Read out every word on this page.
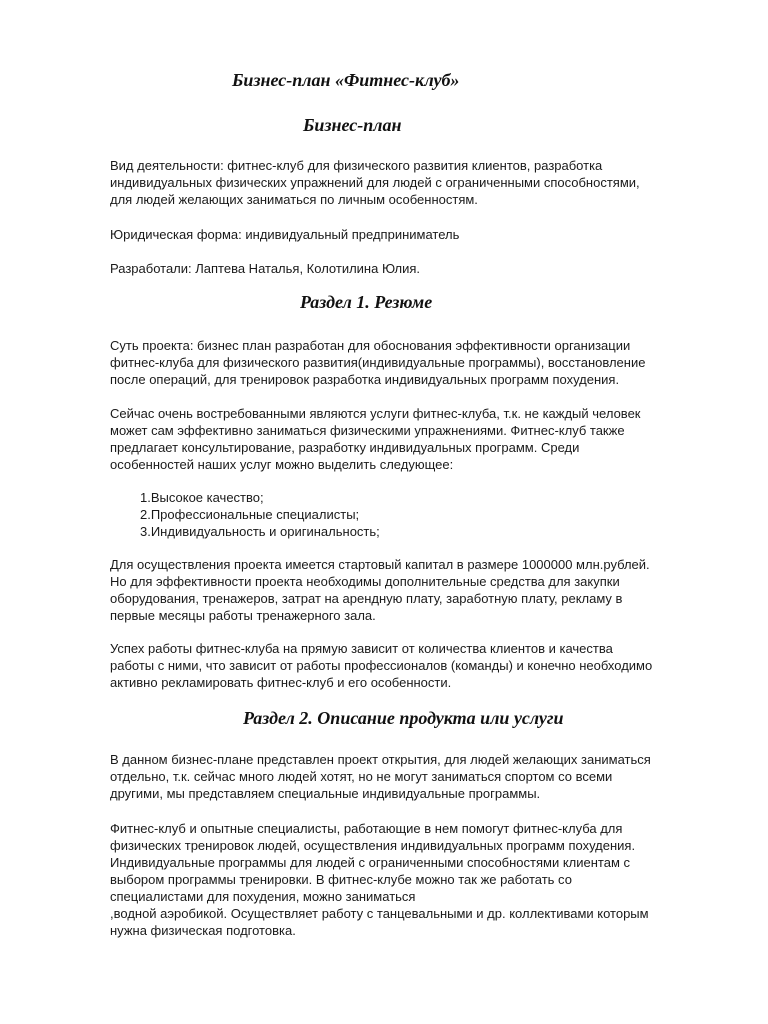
Бизнес-план «Фитнес-клуб»
Бизнес-план
Вид деятельности: фитнес-клуб для физического развития клиентов, разработка
индивидуальных физических упражнений для людей с ограниченными способностями,
для людей желающих заниматься по личным особенностям.
Юридическая форма: индивидуальный предприниматель
Разработали: Лаптева Наталья, Колотилина Юлия.
Раздел 1. Резюме
Суть проекта: бизнес план разработан для обоснования эффективности организации
фитнес-клуба для физического развития(индивидуальные программы), восстановление
после операций, для тренировок разработка индивидуальных программ похудения.
Сейчас очень востребованными являются услуги фитнес-клуба, т.к. не каждый человек
может сам эффективно заниматься физическими упражнениями. Фитнес-клуб также
предлагает консультирование, разработку индивидуальных программ. Среди
особенностей наших услуг можно выделить следующее:
1.Высокое качество;
2.Профессиональные специалисты;
3.Индивидуальность и оригинальность;
Для осуществления проекта имеется стартовый капитал в размере 1000000 млн.рублей.
Но для эффективности проекта необходимы дополнительные средства для закупки
оборудования, тренажеров, затрат на арендную плату, заработную плату, рекламу в
первые месяцы работы тренажерного зала.
Успех работы фитнес-клуба на прямую зависит от количества клиентов и качества
работы с ними, что зависит от работы профессионалов (команды) и конечно необходимо
активно рекламировать фитнес-клуб и его особенности.
Раздел 2. Описание продукта или услуги
В данном бизнес-плане представлен проект открытия, для людей желающих заниматься
отдельно, т.к. сейчас много людей хотят, но не могут заниматься спортом со всеми
другими, мы представляем специальные индивидуальные программы.
Фитнес-клуб и опытные специалисты, работающие в нем помогут фитнес-клуба для
физических тренировок людей, осуществления индивидуальных программ похудения.
Индивидуальные программы для людей с ограниченными способностями клиентам с
выбором программы тренировки. В фитнес-клубе можно так же работать со
специалистами для похудения, можно заниматься
,водной аэробикой. Осуществляет работу с танцевальными и др. коллективами которым
нужна физическая подготовка.
